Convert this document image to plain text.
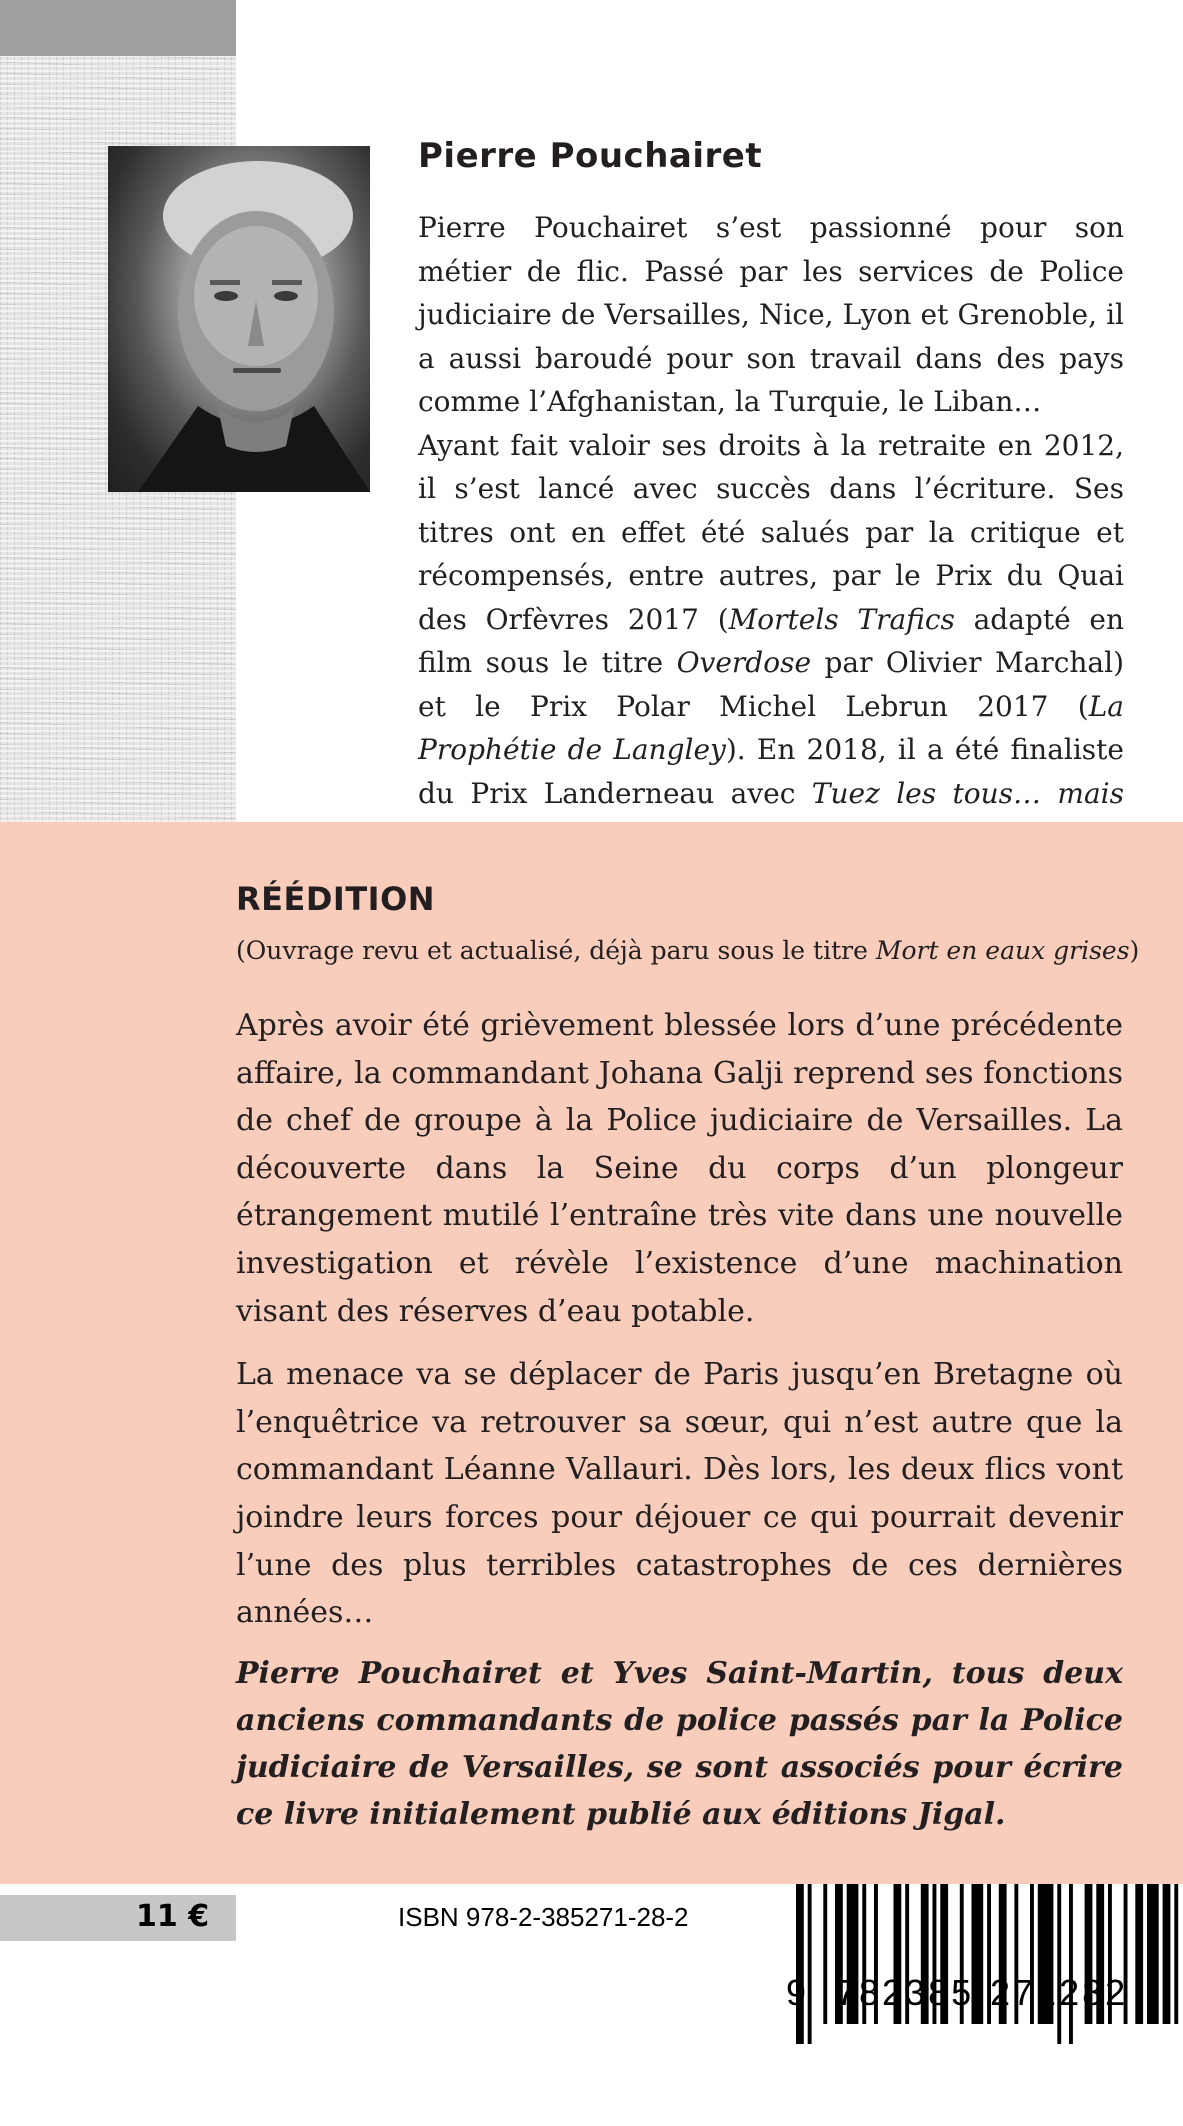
Pierre Pouchairet

Pierre Pouchairet s’est passionné pour son métier de flic. Passé par les services de Police judiciaire de Versailles, Nice, Lyon et Grenoble, il a aussi baroudé pour son travail dans des pays comme l’Afghanistan, la Turquie, le Liban…

Ayant fait valoir ses droits à la retraite en 2012, il s’est lancé avec succès dans l’écriture. Ses titres ont en effet été salués par la critique et récompensés, entre autres, par le Prix du Quai des Orfèvres 2017 (Mortels Trafics adapté en film sous le titre Overdose par Olivier Marchal) et le Prix Polar Michel Lebrun 2017 (La Prophétie de Langley). En 2018, il a été finaliste du Prix Landerneau avec Tuez les tous… mais

RÉÉDITION

(Ouvrage revu et actualisé, déjà paru sous le titre Mort en eaux grises)

Après avoir été grièvement blessée lors d’une précédente affaire, la commandant Johana Galji reprend ses fonctions de chef de groupe à la Police judiciaire de Versailles. La découverte dans la Seine du corps d’un plongeur étrangement mutilé l’entraîne très vite dans une nouvelle investigation et révèle l’existence d’une machination visant des réserves d’eau potable.

La menace va se déplacer de Paris jusqu’en Bretagne où l’enquêtrice va retrouver sa sœur, qui n’est autre que la commandant Léanne Vallauri. Dès lors, les deux flics vont joindre leurs forces pour déjouer ce qui pourrait devenir l’une des plus terribles catastrophes de ces dernières années…

Pierre Pouchairet et Yves Saint-Martin, tous deux anciens commandants de police passés par la Police judiciaire de Versailles, se sont associés pour écrire ce livre initialement publié aux éditions Jigal.

11 €	ISBN 978-2-385271-28-2

9 782385 271282
